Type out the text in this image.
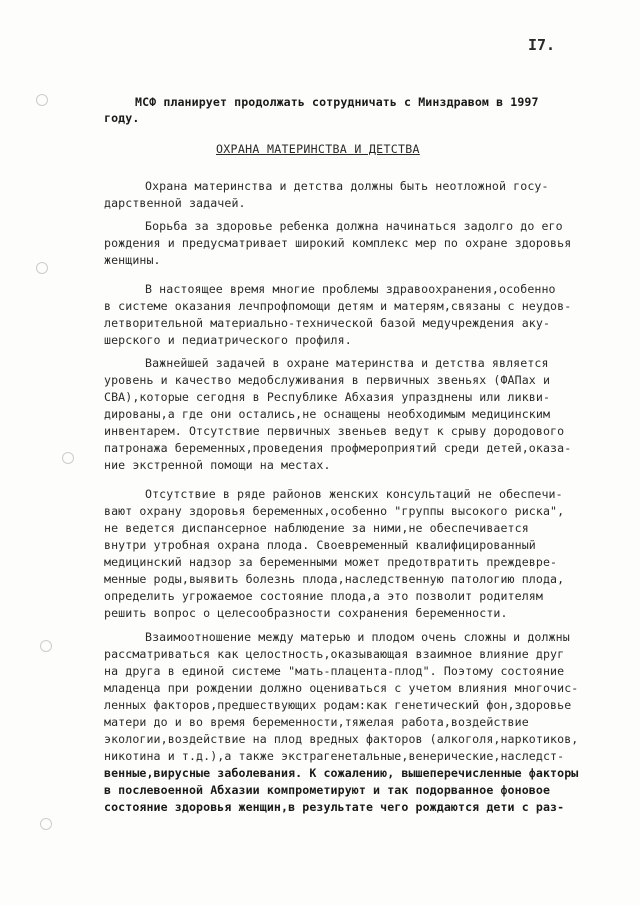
I7.
МСФ планирует продолжать сотрудничать с Минздравом в 1997
году.
ОХРАНА МАТЕРИНСТВА И ДЕТСТВА
Охрана материнства и детства должны быть неотложной госу-
дарственной задачей.
Борьба за здоровье ребенка должна начинаться задолго до его
рождения и предусматривает широкий комплекс мер по охране здоровья
женщины.
В настоящее время многие проблемы здравоохранения,особенно
в системе оказания лечпрофпомощи детям и матерям,связаны с неудов-
летворительной материально-технической базой медучреждения аку-
шерского и педиатрического профиля.
Важнейшей задачей в охране материнства и детства является
уровень и качество медобслуживания в первичных звеньях (ФАПах и
СВА),которые сегодня в Республике Абхазия упразднены или ликви-
дированы,а где они остались,не оснащены необходимым медицинским
инвентарем. Отсутствие первичных звеньев ведут к срыву дородового
патронажа беременных,проведения профмероприятий среди детей,оказа-
ние экстренной помощи на местах.
Отсутствие в ряде районов женских консультаций не обеспечи-
вают охрану здоровья беременных,особенно "группы высокого риска",
не ведется диспансерное наблюдение за ними,не обеспечивается
внутри утробная охрана плода. Своевременный квалифицированный
медицинский надзор за беременными может предотвратить преждевре-
менные роды,выявить болезнь плода,наследственную патологию плода,
определить угрожаемое состояние плода,а это позволит родителям
решить вопрос о целесообразности сохранения беременности.
Взаимоотношение между матерью и плодом очень сложны и должны
рассматриваться как целостность,оказывающая взаимное влияние друг
на друга в единой системе "мать-плацента-плод". Поэтому состояние
младенца при рождении должно оцениваться с учетом влияния многочис-
ленных факторов,предшествующих родам:как генетический фон,здоровье
матери до и во время беременности,тяжелая работа,воздействие
экологии,воздействие на плод вредных факторов (алкоголя,наркотиков,
никотина и т.д.),а также экстрагенетальные,венерические,наследст-
венные,вирусные заболевания. К сожалению, вышеперечисленные факторы
в послевоенной Абхазии компрометируют и так подорванное фоновое
состояние здоровья женщин,в результате чего рождаются дети с раз-
